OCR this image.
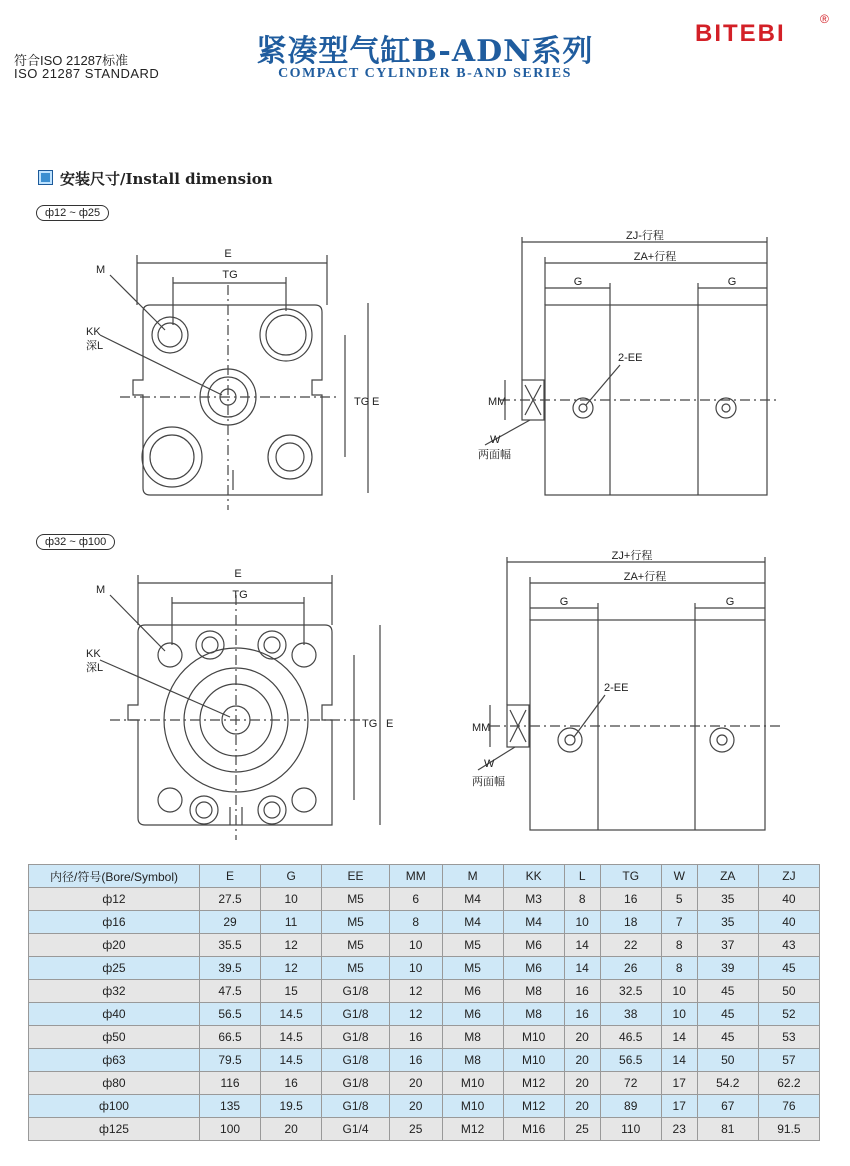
符合ISO 21287标准
ISO 21287 STANDARD
紧凑型气缸B-ADN系列
COMPACT CYLINDER B-AND SERIES
BITEBI
®
安装尺寸/Install dimension
ф12 ~ ф25
E
TG
TG E
M
KK
深L
ZJ-行程
ZA+行程
G	G
2-EE
MM
W
两面幅
ф32 ~ ф100
E
TG
TG E
M
KK
深L
ZJ+行程
ZA+行程
G	G
2-EE
MM
W
两面幅
内径/符号(Bore/Symbol)	E	G	EE	MM	M	KK	L	TG	W	ZA	ZJ
ф12	27.5	10	M5	6	M4	M3	8	16	5	35	40
ф16	29	11	M5	8	M4	M4	10	18	7	35	40
ф20	35.5	12	M5	10	M5	M6	14	22	8	37	43
ф25	39.5	12	M5	10	M5	M6	14	26	8	39	45
ф32	47.5	15	G1/8	12	M6	M8	16	32.5	10	45	50
ф40	56.5	14.5	G1/8	12	M6	M8	16	38	10	45	52
ф50	66.5	14.5	G1/8	16	M8	M10	20	46.5	14	45	53
ф63	79.5	14.5	G1/8	16	M8	M10	20	56.5	14	50	57
ф80	116	16	G1/8	20	M10	M12	20	72	17	54.2	62.2
ф100	135	19.5	G1/8	20	M10	M12	20	89	17	67	76
ф125	100	20	G1/4	25	M12	M16	25	110	23	81	91.5
